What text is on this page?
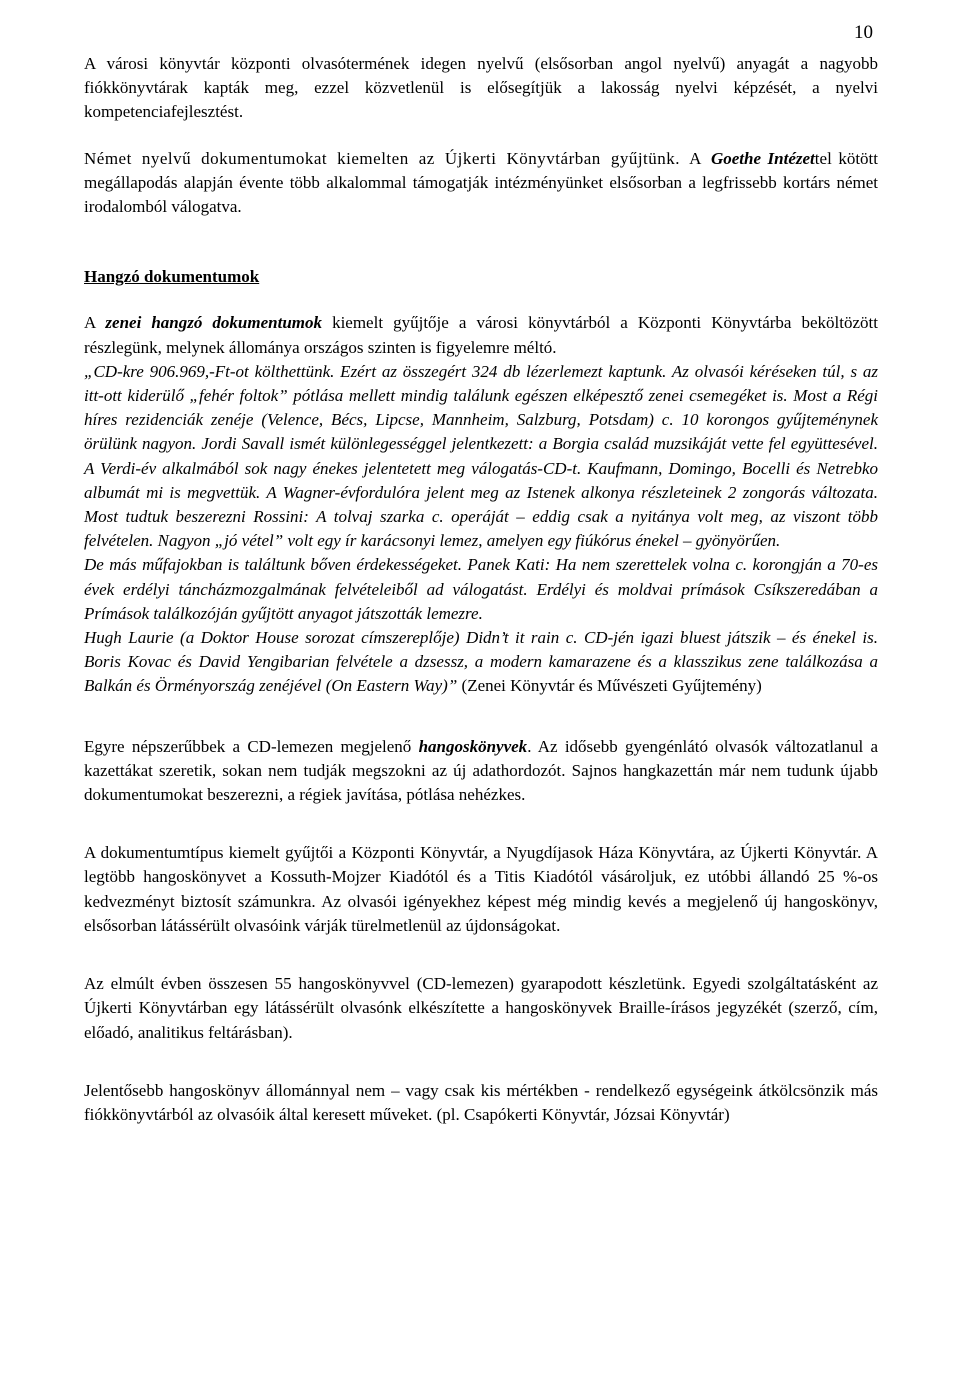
10

A városi könyvtár központi olvasótermének idegen nyelvű (elsősorban angol nyelvű) anyagát a nagyobb fiókkönyvtárak kapták meg, ezzel közvetlenül is elősegítjük a lakosság nyelvi képzését, a nyelvi kompetenciafejlesztést.

Német nyelvű dokumentumokat kiemelten az Újkerti Könyvtárban gyűjtünk. A Goethe Intézettel kötött megállapodás alapján évente több alkalommal támogatják intézményünket elsősorban a legfrissebb kortárs német irodalomból válogatva.

Hangzó dokumentumok

A zenei hangzó dokumentumok kiemelt gyűjtője a városi könyvtárból a Központi Könyvtárba beköltözött részlegünk, melynek állománya országos szinten is figyelemre méltó.

„CD-kre 906.969,-Ft-ot költhettünk. Ezért az összegért 324 db lézerlemezt kaptunk. Az olvasói kéréseken túl, s az itt-ott kiderülő „fehér foltok” pótlása mellett mindig találunk egészen elképesztő zenei csemegéket is. Most a Régi híres rezidenciák zenéje (Velence, Bécs, Lipcse, Mannheim, Salzburg, Potsdam) c. 10 korongos gyűjteménynek örülünk nagyon. Jordi Savall ismét különlegességgel jelentkezett: a Borgia család muzsikáját vette fel együttesével. A Verdi-év alkalmából sok nagy énekes jelentetett meg válogatás-CD-t. Kaufmann, Domingo, Bocelli és Netrebko albumát mi is megvettük. A Wagner-évfordulóra jelent meg az Istenek alkonya részleteinek 2 zongorás változata. Most tudtuk beszerezni Rossini: A tolvaj szarka c. operáját – eddig csak a nyitánya volt meg, az viszont több felvételen. Nagyon „jó vétel” volt egy ír karácsonyi lemez, amelyen egy fiúkórus énekel – gyönyörűen.

De más műfajokban is találtunk bőven érdekességeket. Panek Kati: Ha nem szerettelek volna c. korongján a 70-es évek erdélyi táncházmozgalmának felvételeiből ad válogatást. Erdélyi és moldvai prímások Csíkszeredában a Prímások találkozóján gyűjtött anyagot játszották lemezre.

Hugh Laurie (a Doktor House sorozat címszereplője) Didn’t it rain c. CD-jén igazi bluest játszik – és énekel is. Boris Kovac és David Yengibarian felvétele a dzsessz, a modern kamarazene és a klasszikus zene találkozása a Balkán és Örményország zenéjével (On Eastern Way)” (Zenei Könyvtár és Művészeti Gyűjtemény)

Egyre népszerűbbek a CD-lemezen megjelenő hangoskönyvek. Az idősebb gyengénlátó olvasók változatlanul a kazettákat szeretik, sokan nem tudják megszokni az új adathordozót. Sajnos hangkazettán már nem tudunk újabb dokumentumokat beszerezni, a régiek javítása, pótlása nehézkes.

A dokumentumtípus kiemelt gyűjtői a Központi Könyvtár, a Nyugdíjasok Háza Könyvtára, az Újkerti Könyvtár. A legtöbb hangoskönyvet a Kossuth-Mojzer Kiadótól és a Titis Kiadótól vásároljuk, ez utóbbi állandó 25 %-os kedvezményt biztosít számunkra. Az olvasói igényekhez képest még mindig kevés a megjelenő új hangoskönyv, elsősorban látássérült olvasóink várják türelmetlenül az újdonságokat.

Az elmúlt évben összesen 55 hangoskönyvvel (CD-lemezen) gyarapodott készletünk. Egyedi szolgáltatásként az Újkerti Könyvtárban egy látássérült olvasónk elkészítette a hangoskönyvek Braille-írásos jegyzékét (szerző, cím, előadó, analitikus feltárásban).

Jelentősebb hangoskönyv állománnyal nem – vagy csak kis mértékben - rendelkező egységeink átkölcsönzik más fiókkönyvtárból az olvasóik által keresett műveket. (pl. Csapókerti Könyvtár, Józsai Könyvtár)
